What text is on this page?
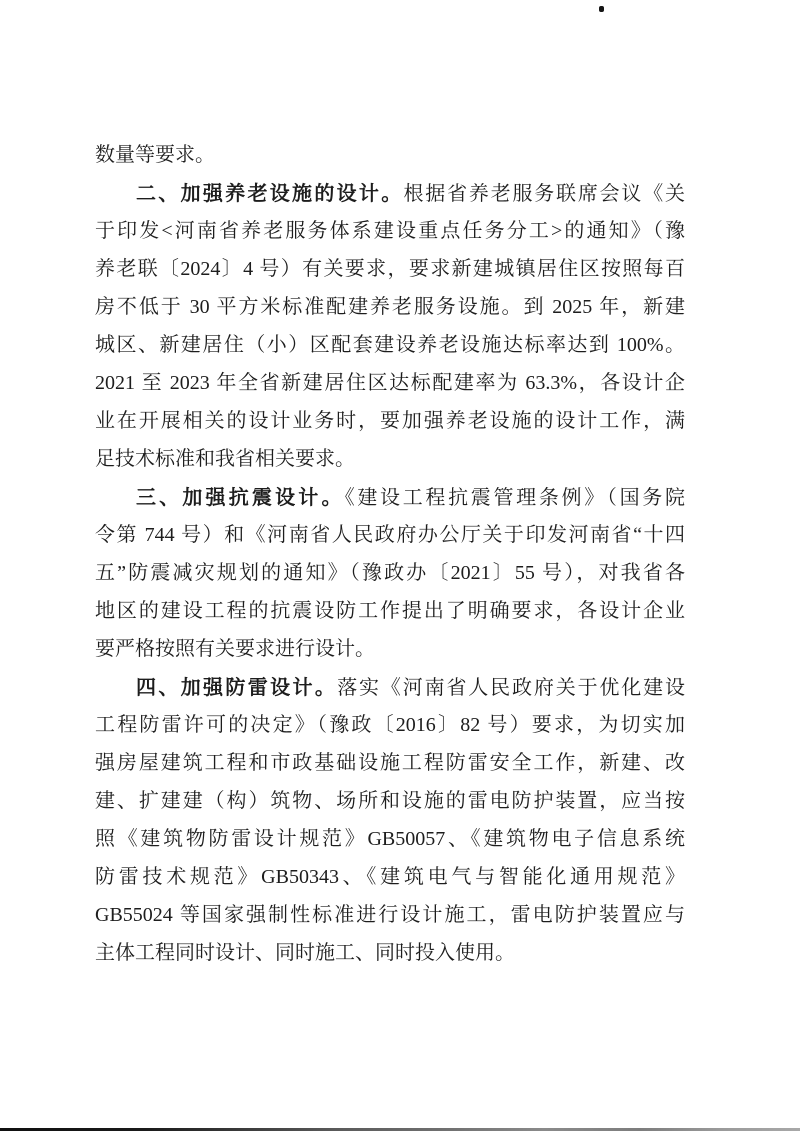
数量等要求。
二、加强养老设施的设计。根据省养老服务联席会议《关
于印发<河南省养老服务体系建设重点任务分工>的通知》（豫
养老联〔2024〕4 号）有关要求，要求新建城镇居住区按照每百
房不低于 30 平方米标准配建养老服务设施。到 2025 年，新建
城区、新建居住（小）区配套建设养老设施达标率达到 100%。
2021 至 2023 年全省新建居住区达标配建率为 63.3%，各设计企
业在开展相关的设计业务时，要加强养老设施的设计工作，满
足技术标准和我省相关要求。
三、加强抗震设计。《建设工程抗震管理条例》（国务院
令第 744 号）和《河南省人民政府办公厅关于印发河南省“十四
五”防震减灾规划的通知》（豫政办〔2021〕55 号），对我省各
地区的建设工程的抗震设防工作提出了明确要求，各设计企业
要严格按照有关要求进行设计。
四、加强防雷设计。落实《河南省人民政府关于优化建设
工程防雷许可的决定》（豫政〔2016〕82 号）要求，为切实加
强房屋建筑工程和市政基础设施工程防雷安全工作，新建、改
建、扩建建（构）筑物、场所和设施的雷电防护装置，应当按
照《建筑物防雷设计规范》GB50057、《建筑物电子信息系统
防雷技术规范》GB50343、《建筑电气与智能化通用规范》
GB55024 等国家强制性标准进行设计施工，雷电防护装置应与
主体工程同时设计、同时施工、同时投入使用。
